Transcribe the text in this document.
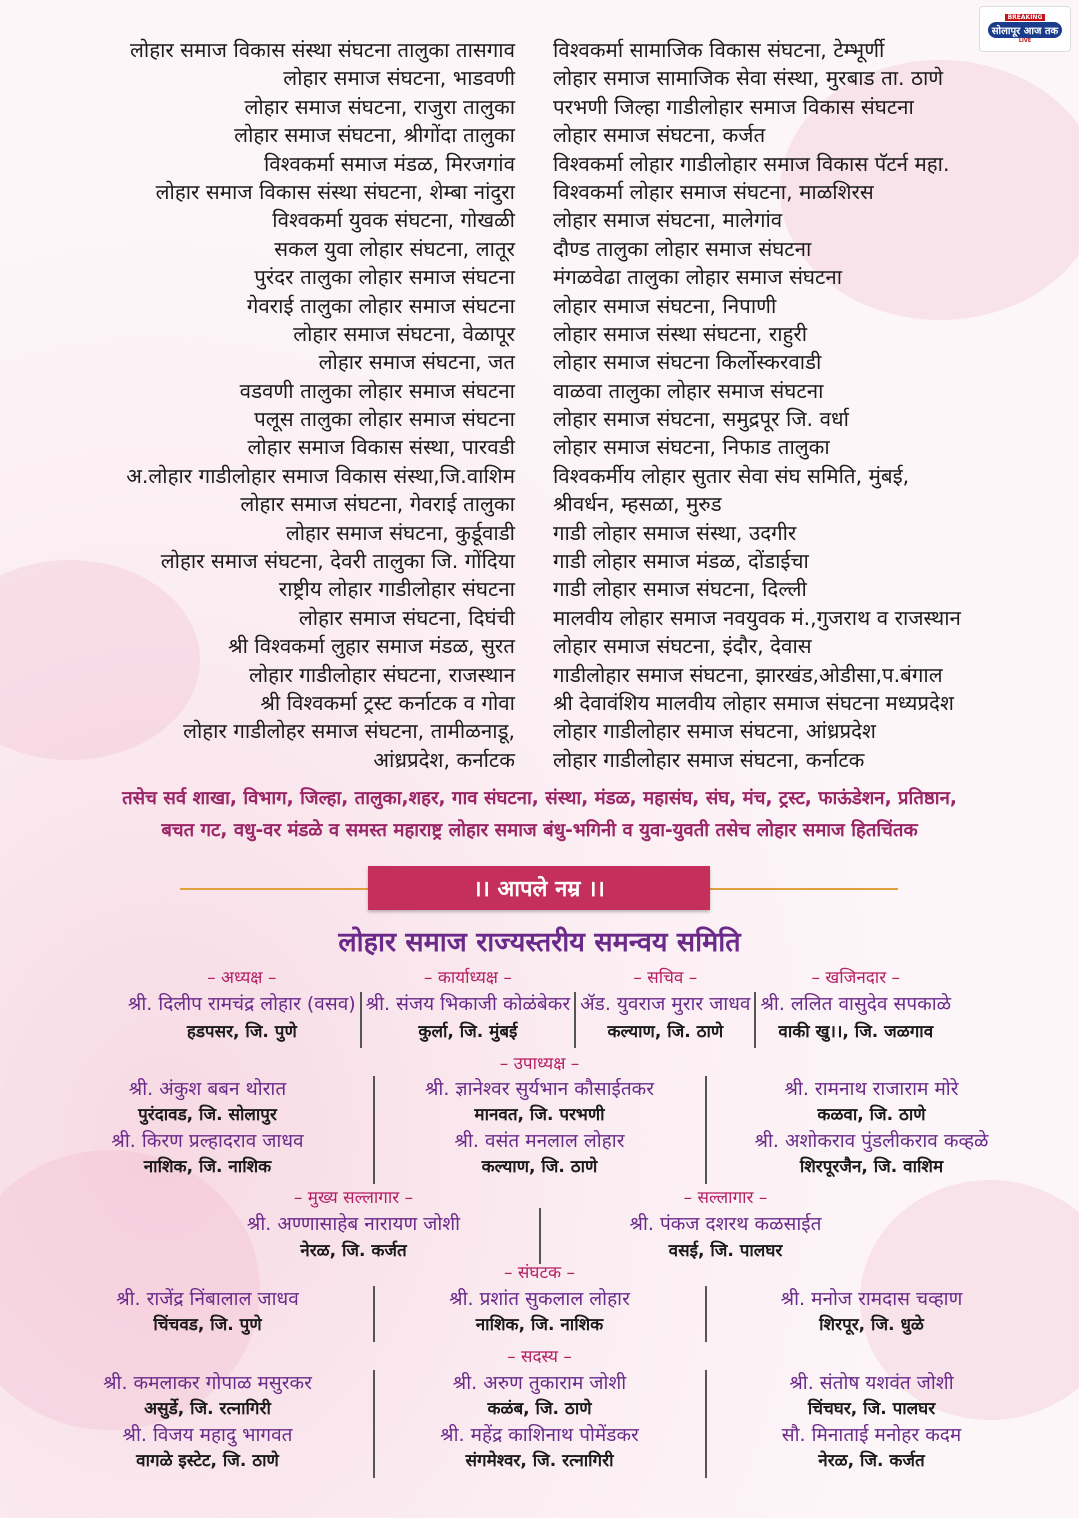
BREAKING
सोलापूर आज तक
LIVE
लोहार समाज विकास संस्था संघटना तालुका तासगाव
लोहार समाज संघटना, भाडवणी
लोहार समाज संघटना, राजुरा तालुका
लोहार समाज संघटना, श्रीगोंदा तालुका
विश्वकर्मा समाज मंडळ, मिरजगांव
लोहार समाज विकास संस्था संघटना, शेम्बा नांदुरा
विश्वकर्मा युवक संघटना, गोखळी
सकल युवा लोहार संघटना, लातूर
पुरंदर तालुका लोहार समाज संघटना
गेवराई तालुका लोहार समाज संघटना
लोहार समाज संघटना, वेळापूर
लोहार समाज संघटना, जत
वडवणी तालुका लोहार समाज संघटना
पलूस तालुका लोहार समाज संघटना
लोहार समाज विकास संस्था, पारवडी
अ.लोहार गाडीलोहार समाज विकास संस्था,जि.वाशिम
लोहार समाज संघटना, गेवराई तालुका
लोहार समाज संघटना, कुर्डूवाडी
लोहार समाज संघटना, देवरी तालुका जि. गोंदिया
राष्ट्रीय लोहार गाडीलोहार संघटना
लोहार समाज संघटना, दिघंची
श्री विश्वकर्मा लुहार समाज मंडळ, सुरत
लोहार गाडीलोहार संघटना, राजस्थान
श्री विश्वकर्मा ट्रस्ट कर्नाटक व गोवा
लोहार गाडीलोहर समाज संघटना, तामीळनाडू,
आंध्रप्रदेश, कर्नाटक
विश्वकर्मा सामाजिक विकास संघटना, टेम्भूर्णी
लोहार समाज सामाजिक सेवा संस्था, मुरबाड ता. ठाणे
परभणी जिल्हा गाडीलोहार समाज विकास संघटना
लोहार समाज संघटना, कर्जत
विश्वकर्मा लोहार गाडीलोहार समाज विकास पॅटर्न महा.
विश्वकर्मा लोहार समाज संघटना, माळशिरस
लोहार समाज संघटना, मालेगांव
दौण्ड तालुका लोहार समाज संघटना
मंगळवेढा तालुका लोहार समाज संघटना
लोहार समाज संघटना, निपाणी
लोहार समाज संस्था संघटना, राहुरी
लोहार समाज संघटना किर्लोस्करवाडी
वाळवा तालुका लोहार समाज संघटना
लोहार समाज संघटना, समुद्रपूर जि. वर्धा
लोहार समाज संघटना, निफाड तालुका
विश्वकर्मीय लोहार सुतार सेवा संघ समिति, मुंबई,
श्रीवर्धन, म्हसळा, मुरुड
गाडी लोहार समाज संस्था, उदगीर
गाडी लोहार समाज मंडळ, दोंडाईचा
गाडी लोहार समाज संघटना, दिल्ली
मालवीय लोहार समाज नवयुवक मं.,गुजराथ व राजस्थान
लोहार समाज संघटना, इंदौर, देवास
गाडीलोहार समाज संघटना, झारखंड,ओडीसा,प.बंगाल
श्री देवावंशिय मालवीय लोहार समाज संघटना मध्यप्रदेश
लोहार गाडीलोहार समाज संघटना, आंध्रप्रदेश
लोहार गाडीलोहार समाज संघटना, कर्नाटक
तसेच सर्व शाखा, विभाग, जिल्हा, तालुका,शहर, गाव संघटना, संस्था, मंडळ, महासंघ, संघ, मंच, ट्रस्ट, फाऊंडेशन, प्रतिष्ठान,
बचत गट, वधु-वर मंडळे व समस्त महाराष्ट्र लोहार समाज बंधु-भगिनी व युवा-युवती तसेच लोहार समाज हितचिंतक
।। आपले नम्र ।।
लोहार समाज राज्यस्तरीय समन्वय समिति
– अध्यक्ष –
श्री. दिलीप रामचंद्र लोहार (वसव)
हडपसर, जि. पुणे
– कार्याध्यक्ष –
श्री. संजय भिकाजी कोळंबेकर
कुर्ला, जि. मुंबई
– सचिव –
ॲड. युवराज मुरार जाधव
कल्याण, जि. ठाणे
– खजिनदार –
श्री. ललित वासुदेव सपकाळे
वाकी खु।।, जि. जळगाव
– उपाध्यक्ष –
श्री. अंकुश बबन थोरात
पुरंदावड, जि. सोलापुर
श्री. किरण प्रल्हादराव जाधव
नाशिक, जि. नाशिक
श्री. ज्ञानेश्वर सुर्यभान कौसाईतकर
मानवत, जि. परभणी
श्री. वसंत मनलाल लोहार
कल्याण, जि. ठाणे
श्री. रामनाथ राजाराम मोरे
कळवा, जि. ठाणे
श्री. अशोकराव पुंडलीकराव कव्हळे
शिरपूरजैन, जि. वाशिम
– मुख्य सल्लागार –
श्री. अण्णासाहेब नारायण जोशी
नेरळ, जि. कर्जत
– सल्लागार –
श्री. पंकज दशरथ कळसाईत
वसई, जि. पालघर
– संघटक –
श्री. राजेंद्र निंबालाल जाधव
चिंचवड, जि. पुणे
श्री. प्रशांत सुकलाल लोहार
नाशिक, जि. नाशिक
श्री. मनोज रामदास चव्हाण
शिरपूर, जि. धुळे
– सदस्य –
श्री. कमलाकर गोपाळ मसुरकर
असुर्डे, जि. रत्नागिरी
श्री. विजय महादु भागवत
वागळे इस्टेट, जि. ठाणे
श्री. अरुण तुकाराम जोशी
कळंब, जि. ठाणे
श्री. महेंद्र काशिनाथ पोमेंडकर
संगमेश्वर, जि. रत्नागिरी
श्री. संतोष यशवंत जोशी
चिंचघर, जि. पालघर
सौ. मिनाताई मनोहर कदम
नेरळ, जि. कर्जत
